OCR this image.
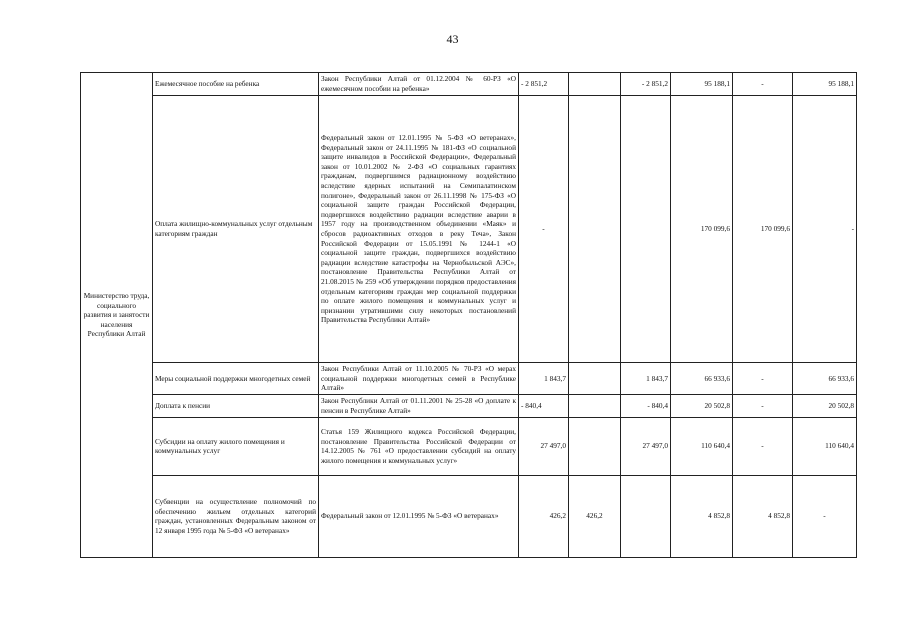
43
Министерство труда, социального развития и занятости населения Республики Алтай	Ежемесячное пособие на ребенка	Закон Республики Алтай от 01.12.2004 № 60-РЗ «О ежемесячном пособии на ребенка»	- 2 851,2		- 2 851,2	95 188,1	-	95 188,1
	Оплата жилищно-коммунальных услуг отдельным категориям граждан	Федеральный закон от 12.01.1995 № 5-ФЗ «О ветеранах», Федеральный закон от 24.11.1995 № 181-ФЗ «О социальной защите инвалидов в Российской Федерации», Федеральный закон от 10.01.2002 № 2-ФЗ «О социальных гарантиях гражданам, подвергшимся радиационному воздействию вследствие ядерных испытаний на Семипалатинском полигоне», Федеральный закон от 26.11.1998 № 175-ФЗ «О социальной защите граждан Российской Федерации, подвергшихся воздействию радиации вследствие аварии в 1957 году на производственном объединении «Маяк» и сбросов радиоактивных отходов в реку Теча», Закон Российской Федерации от 15.05.1991 № 1244-1 «О социальной защите граждан, подвергшихся воздействию радиации вследствие катастрофы на Чернобыльской АЭС», постановление Правительства Республики Алтай от 21.08.2015 № 259 «Об утверждении порядков предоставления отдельным категориям граждан мер социальной поддержки по оплате жилого помещения и коммунальных услуг и признании утратившими силу некоторых постановлений Правительства Республики Алтай»	-			170 099,6	170 099,6	-
	Меры социальной поддержки многодетных семей	Закон Республики Алтай от 11.10.2005 № 70-РЗ «О мерах социальной поддержки многодетных семей в Республике Алтай»	1 843,7		1 843,7	66 933,6	-	66 933,6
	Доплата к пенсии	Закон Республики Алтай от 01.11.2001 № 25-28 «О доплате к пенсии в Республике Алтай»	- 840,4		- 840,4	20 502,8	-	20 502,8
	Субсидии на оплату жилого помещения и коммунальных услуг	Статья 159 Жилищного кодекса Российской Федерации, постановление Правительства Российской Федерации от 14.12.2005 № 761 «О предоставлении субсидий на оплату жилого помещения и коммунальных услуг»	27 497,0		27 497,0	110 640,4	-	110 640,4
	Субвенции на осуществление полномочий по обеспечению жильем отдельных категорий граждан, установленных Федеральным законом от 12 января 1995 года № 5-ФЗ «О ветеранах»	Федеральный закон от 12.01.1995 № 5-ФЗ «О ветеранах»	426,2	426,2		4 852,8	4 852,8	-
